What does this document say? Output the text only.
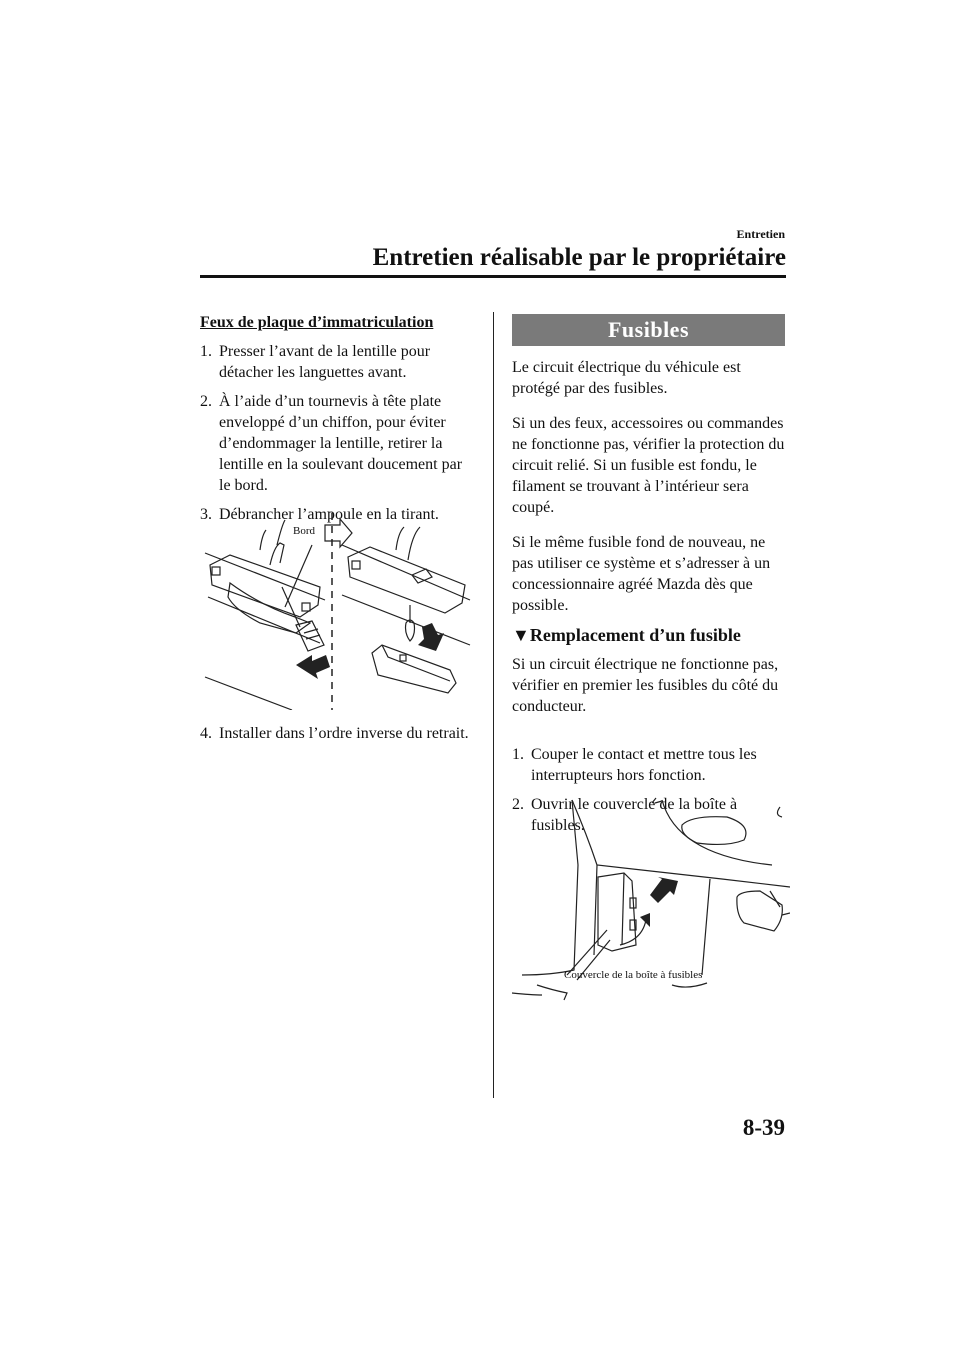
Entretien
Entretien réalisable par le propriétaire

Feux de plaque d’immatriculation

1. Presser l’avant de la lentille pour détacher les languettes avant.
2. À l’aide d’un tournevis à tête plate enveloppé d’un chiffon, pour éviter d’endommager la lentille, retirer la lentille en la soulevant doucement par le bord.
3. Débrancher l’ampoule en la tirant.
Bord
4. Installer dans l’ordre inverse du retrait.
Fusibles

Le circuit électrique du véhicule est protégé par des fusibles.

Si un des feux, accessoires ou commandes ne fonctionne pas, vérifier la protection du circuit relié. Si un fusible est fondu, le filament se trouvant à l’intérieur sera coupé.

Si le même fusible fond de nouveau, ne pas utiliser ce système et s’adresser à un concessionnaire agréé Mazda dès que possible.

▼Remplacement d’un fusible

Si un circuit électrique ne fonctionne pas, vérifier en premier les fusibles du côté du conducteur.

1. Couper le contact et mettre tous les interrupteurs hors fonction.
2. Ouvrir le couvercle de la boîte à fusibles.
Couvercle de la boîte à fusibles
8-39
